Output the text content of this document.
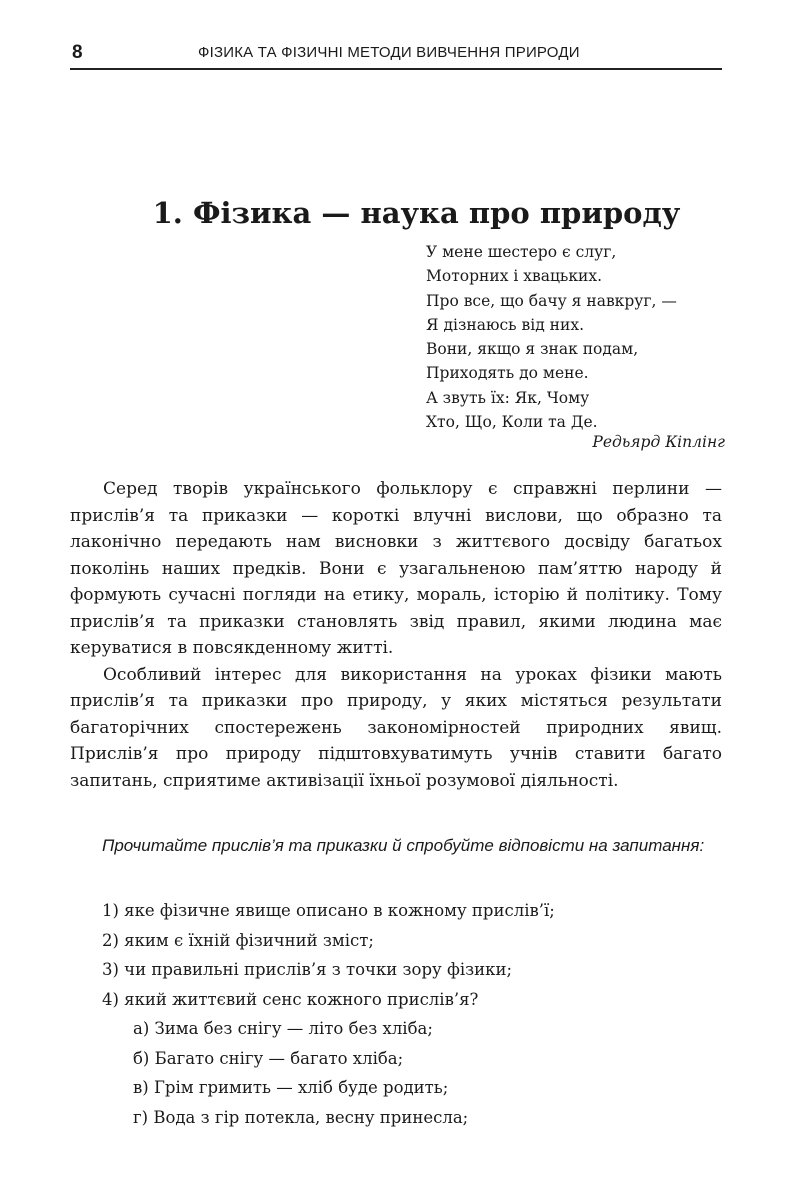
8	ФІЗИКА ТА ФІЗИЧНІ МЕТОДИ ВИВЧЕННЯ ПРИРОДИ
1. Фізика — наука про природу
У мене шестеро є слуг,
Моторних і хвацьких.
Про все, що бачу я навкруг, —
Я дізнаюсь від них.
Вони, якщо я знак подам,
Приходять до мене.
А звуть їх: Як, Чому
Хто, Що, Коли та Де.
Редьярд Кіплінг

Серед творів українського фольклору є справжні перлини — прислів’я та приказки — короткі влучні вислови, що образно та лаконічно передають нам висновки з життєвого досвіду багатьох поколінь наших предків. Вони є узагальненою пам’яттю народу й формують сучасні погляди на етику, мораль, історію й політику. Тому прислів’я та приказки становлять звід правил, якими людина має керуватися в повсякденному житті.

Особливий інтерес для використання на уроках фізики мають прислів’я та приказки про природу, у яких містяться результати багаторічних спостережень закономірностей природних явищ. Прислів’я про природу підштовхуватимуть учнів ставити багато запитань, сприятиме активізації їхньої розумової діяльності.

Прочитайте прислів’я та приказки й спробуйте відповісти на запитання:
1) яке фізичне явище описано в кожному прислів’ї;
2) яким є їхній фізичний зміст;
3) чи правильні прислів’я з точки зору фізики;
4) який життєвий сенс кожного прислів’я?
а) Зима без снігу — літо без хліба;
б) Багато снігу — багато хліба;
в) Грім гримить — хліб буде родить;
г) Вода з гір потекла, весну принесла;
